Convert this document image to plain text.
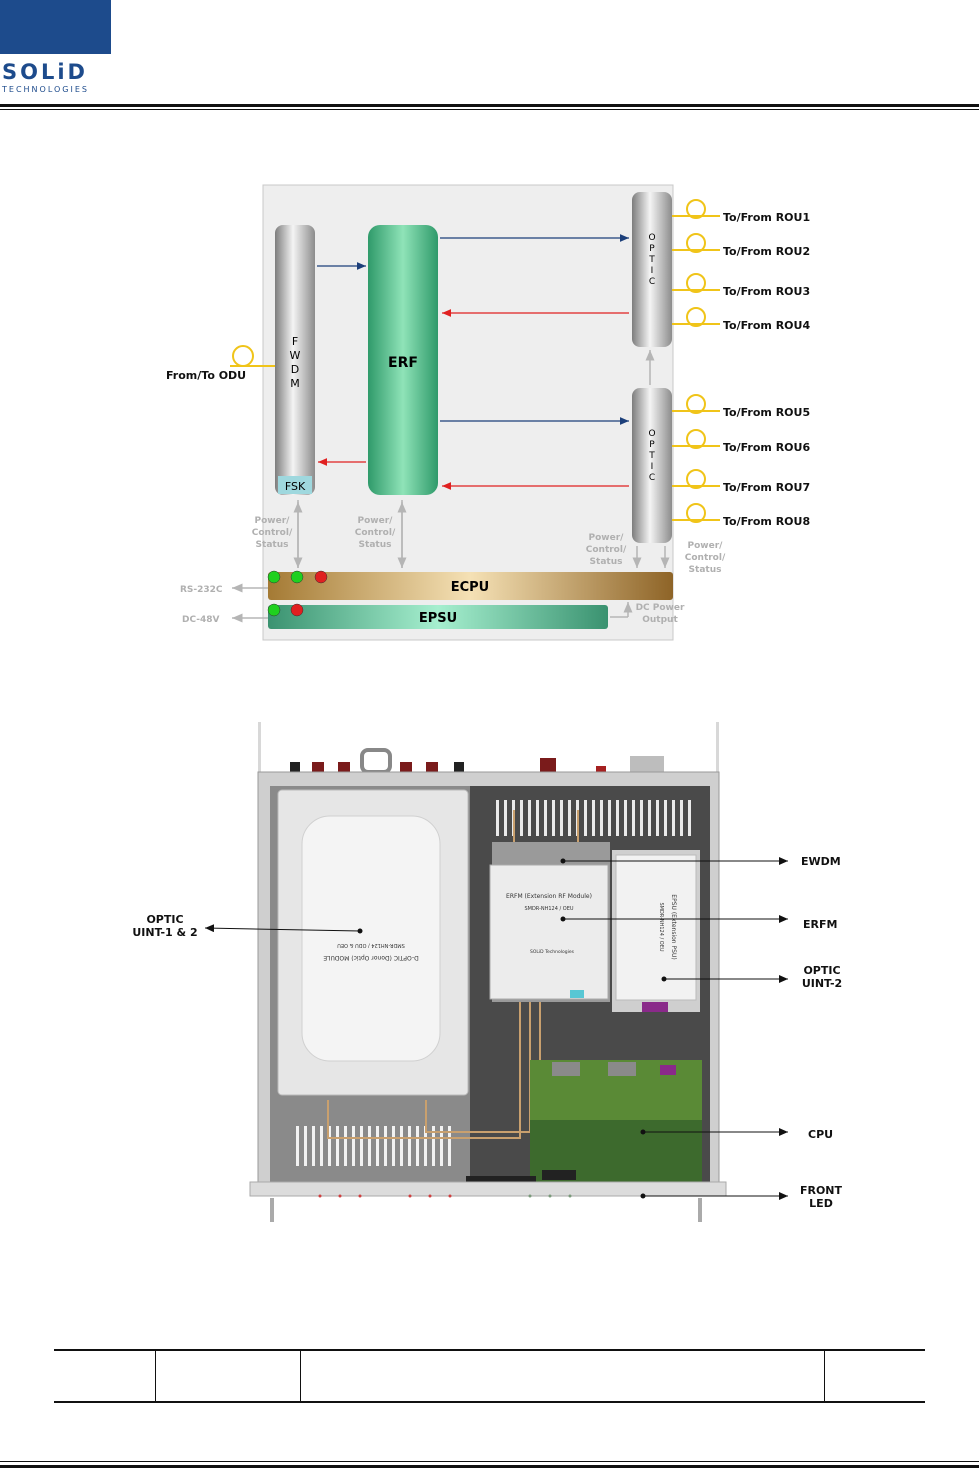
SOLiD
TECHNOLOGIES
FSK
F W D M
ERF
O P T I C
O P T I C
To/From ROU1
To/From ROU2
To/From ROU3
To/From ROU4
To/From ROU5
To/From ROU6
To/From ROU7
To/From ROU8
From/To ODU
Power/ Control/ Status
Power/ Control/ Status
Power/ Control/ Status
Power/ Control/ Status
DC Power Output
ECPU
EPSU
RS-232C
DC-48V
D-OPTIC (Donor Optic) MODULE
SMDR-NH124 / ODU & OEU
ERFM (Extension RF Module)
SMDR-NH124 / OEU
SOLiD Technologies	EPSU (Extension PSU)
SMDR-NH124 / OEU
EWDM
ERFM
OPTIC
UINT-2
CPU
FRONT
LED
OPTIC
UINT-1 & 2
